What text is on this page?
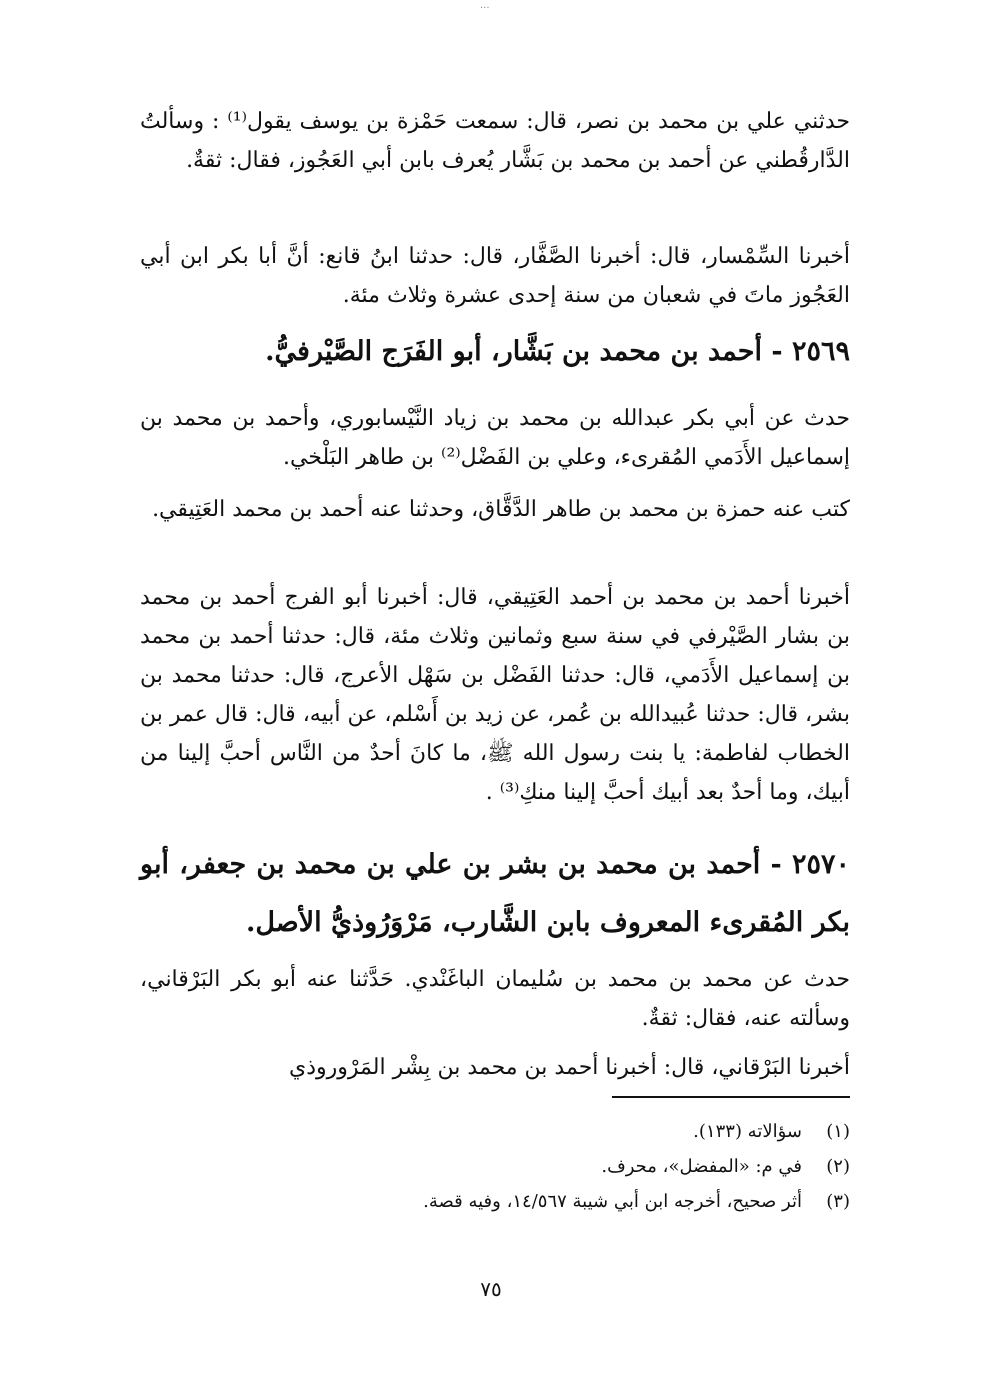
...

حدثني علي بن محمد بن نصر، قال: سمعت حَمْزة بن يوسف يقول⁽¹⁾ : وسألتُ الدَّارقُطني عن أحمد بن محمد بن بَشَّار يُعرف بابن أبي العَجُوز، فقال: ثقةٌ.

أخبرنا السِّمْسار، قال: أخبرنا الصَّفَّار، قال: حدثنا ابنُ قانع: أنَّ أبا بكر ابن أبي العَجُوز ماتَ في شعبان من سنة إحدى عشرة وثلاث مئة.

٢٥٦٩ - أحمد بن محمد بن بَشَّار، أبو الفَرَج الصَّيْرفيُّ.

حدث عن أبي بكر عبدالله بن محمد بن زياد النَّيْسابوري، وأحمد بن محمد بن إسماعيل الأَدَمي المُقرىء، وعلي بن الفَضْل⁽²⁾ بن طاهر البَلْخي.

كتب عنه حمزة بن محمد بن طاهر الدَّقَّاق، وحدثنا عنه أحمد بن محمد العَتِيقي.

أخبرنا أحمد بن محمد بن أحمد العَتِيقي، قال: أخبرنا أبو الفرج أحمد بن محمد بن بشار الصَّيْرفي في سنة سبع وثمانين وثلاث مئة، قال: حدثنا أحمد بن محمد بن إسماعيل الأَدَمي، قال: حدثنا الفَضْل بن سَهْل الأعرج، قال: حدثنا محمد بن بشر، قال: حدثنا عُبيدالله بن عُمر، عن زيد بن أَسْلم، عن أبيه، قال: قال عمر بن الخطاب لفاطمة: يا بنت رسول الله ﷺ، ما كانَ أحدٌ من النَّاس أحبَّ إلينا من أبيك، وما أحدٌ بعد أبيك أحبَّ إلينا منكِ⁽³⁾ .

٢٥٧٠ - أحمد بن محمد بن بشر بن علي بن محمد بن جعفر، أبو بكر المُقرىء المعروف بابن الشَّارب، مَرْوَرُوذيُّ الأصل.

حدث عن محمد بن محمد بن سُليمان الباغَنْدي. حَدَّثنا عنه أبو بكر البَرْقاني، وسألته عنه، فقال: ثقةٌ.

أخبرنا البَرْقاني، قال: أخبرنا أحمد بن محمد بن بِشْر المَرْوروذي

(١)
سؤالاته (١٣٣).
(٢)
في م: «المفضل»، محرف.
(٣)
أثر صحيح، أخرجه ابن أبي شيبة ١٤/٥٦٧، وفيه قصة.
٧٥
